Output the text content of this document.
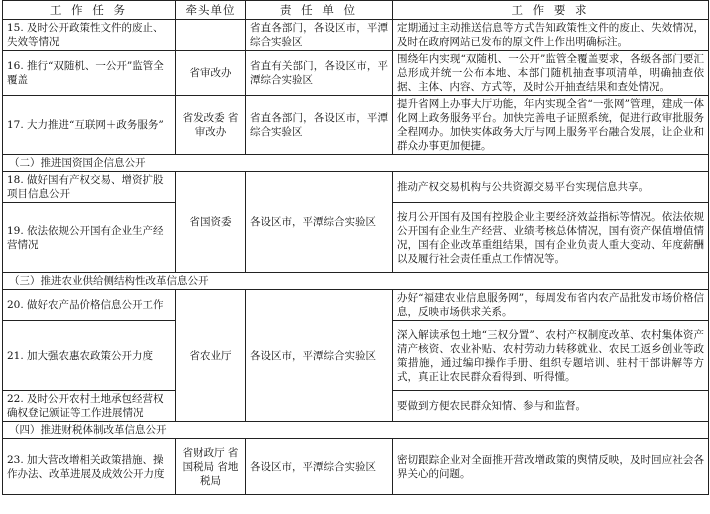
工 作 任 务	牵头单位	责 任 单 位	工 作 要 求
15. 及时公开政策性文件的废止、失效等情况		省直各部门，各设区市，平潭综合实验区	定期通过主动推送信息等方式告知政策性文件的废止、失效情况，及时在政府网站已发布的原文件上作出明确标注。
16. 推行“双随机、一公开”监管全覆盖	省审改办	省直有关部门，各设区市，平潭综合实验区	围绕年内实现“双随机、一公开”监管全覆盖要求，各级各部门要汇总形成并统一公布本地、本部门随机抽查事项清单，明确抽查依据、主体、内容、方式等，及时公开抽查结果和查处情况。
17. 大力推进“互联网＋政务服务”	省发改委 省审改办	省直各部门，各设区市，平潭综合实验区	提升省网上办事大厅功能，年内实现全省“一张网”管理，建成一体化网上政务服务平台。加快完善电子证照系统，促进行政审批服务全程网办。加快实体政务大厅与网上服务平台融合发展，让企业和群众办事更加便捷。
（二）推进国资国企信息公开			
18. 做好国有产权交易、增资扩股项目信息公开	省国资委	各设区市，平潭综合实验区	推动产权交易机构与公共资源交易平台实现信息共享。
19. 依法依规公开国有企业生产经营情况			按月公开国有及国有控股企业主要经济效益指标等情况。依法依规公开国有企业生产经营、业绩考核总体情况，国有资产保值增值情况，国有企业改革重组结果，国有企业负责人重大变动、年度薪酬以及履行社会责任重点工作情况等。
（三）推进农业供给侧结构性改革信息公开			
20. 做好农产品价格信息公开工作	省农业厅	各设区市，平潭综合实验区	办好“福建农业信息服务网”，每周发布省内农产品批发市场价格信息，反映市场供求关系。
21. 加大强农惠农政策公开力度			深入解读承包土地“三权分置”、农村产权制度改革、农村集体资产清产核资、农业补贴、农村劳动力转移就业、农民工返乡创业等政策措施，通过编印操作手册、组织专题培训、驻村干部讲解等方式，真正让农民群众看得到、听得懂。
22. 及时公开农村土地承包经营权确权登记颁证等工作进展情况			要做到方便农民群众知情、参与和监督。
（四）推进财税体制改革信息公开			
23. 加大营改增相关政策措施、操作办法、改革进展及成效公开力度	省财政厅 省国税局 省地税局	各设区市，平潭综合实验区	密切跟踪企业对全面推开营改增政策的舆情反映，及时回应社会各界关心的问题。
